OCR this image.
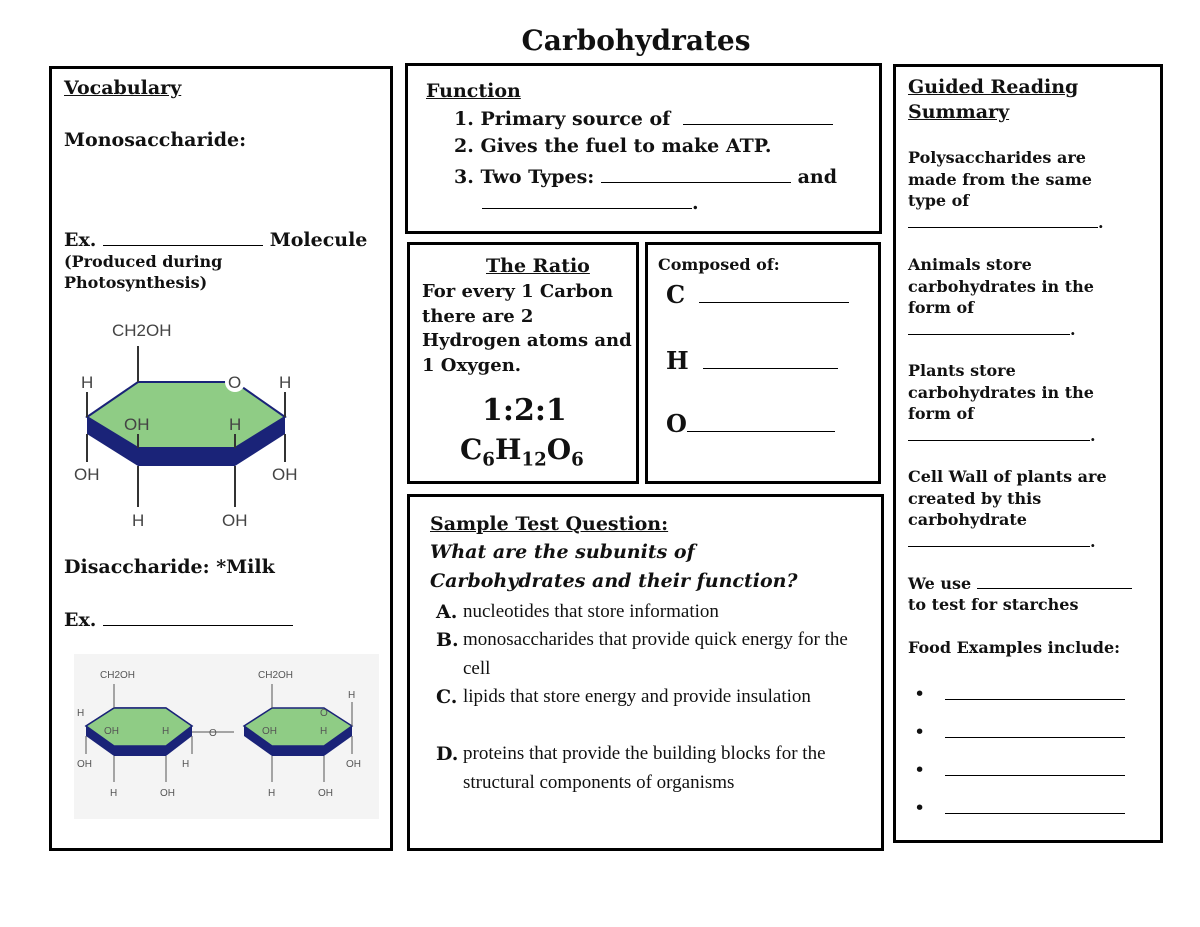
Carbohydrates
Vocabulary
Monosaccharide:
Ex.	Molecule
(Produced during Photosynthesis)
CH2OH
O
H	H
OH	H
OH	OH
H	OH
Disaccharide: *Milk
Ex.
CH2OH
OH	H
H
OH
H	OH
H
O
CH2OH
OH	H
O
H
OH
H	OH
Function
1. Primary source of
2. Gives the fuel to make ATP.
3. Two Types:	and
.
The Ratio
For every 1 Carbon there are 2 Hydrogen atoms and 1 Oxygen.
1:2:1
$C_6H_{12}O_6$
Composed of:
C
H
O
Sample Test Question:
What are the subunits of
Carbohydrates and their function?
A. nucleotides that store information
B. monosaccharides that provide quick energy for the cell
C. lipids that store energy and provide insulation
D. proteins that provide the building blocks for the structural components of organisms
Guided Reading Summary
Polysaccharides are made from the same type of
.
Animals store carbohydrates in the form of
.
Plants store carbohydrates in the form of
.
Cell Wall of plants are created by this carbohydrate
.
We use
to test for starches
Food Examples include:
•
•
•
•
